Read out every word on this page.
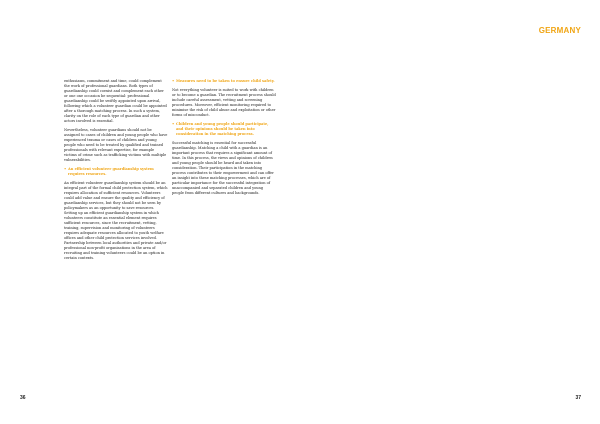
GERMANY

enthusiasm, commitment and time, could complement the work of professional guardians. Both types of guardianship could coexist and complement each other or one one occasion be sequential: professional guardianship could be swiftly appointed upon arrival, following which a volunteer guardian could be appointed after a thorough matching process. In such a system, clarity on the role of each type of guardian and other actors involved is essential.

Nevertheless, volunteer guardians should not be assigned to cases of children and young people who have experienced trauma or cases of children and young people who need to be treated by qualified and trained professionals with relevant expertise, for example victims of crime such as trafficking victims with multiple vulnerabilities.

• An efficient volunteer guardianship system requires resources.

An efficient volunteer guardianship system should be an integral part of the formal child protection system, which requires allocation of sufficient resources. Volunteers could add value and ensure the quality and efficiency of guardianship services, but they should not be seen by policymakers as an opportunity to save resources. Setting up an efficient guardianship system in which volunteers constitute an essential element requires sufficient resources, since the recruitment, vetting, training, supervision and monitoring of volunteers requires adequate resources allocated to youth welfare offices and other child protection services involved. Partnership between local authorities and private and/or professional non-profit organisations in the area of recruiting and training volunteers could be an option in certain contexts.

• Measures need to be taken to ensure child safety.

Not everything volunteer is suited to work with children or to become a guardian. The recruitment process should include careful assessment, vetting and screening procedures. Moreover, efficient monitoring required to minimise the risk of child abuse and exploitation or other forms of misconduct.

• Children and young people should participate, and their opinions should be taken into consideration in the matching process.

Successful matching is essential for successful guardianship. Matching a child with a guardian is an important process that requires a significant amount of time. In this process, the views and opinions of children and young people should be heard and taken into consideration. Their participation in the matching process contributes to their empowerment and can offer an insight into these matching processes, which are of particular importance for the successful integration of unaccompanied and separated children and young people from different cultures and backgrounds.

36	37
